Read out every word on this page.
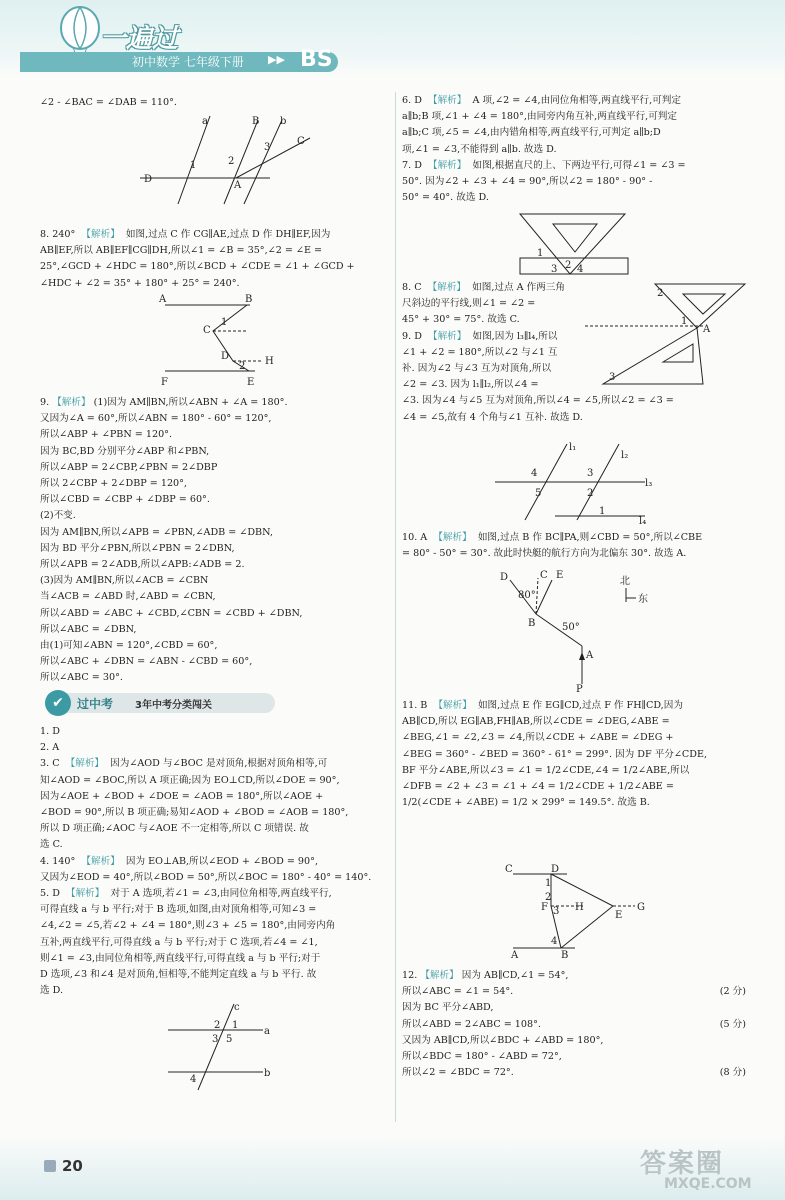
一遍过
初中数学 七年级下册 ▶▶ BS

∠2 - ∠BAC = ∠DAB = 110°.

8. 240°  【解析】  如图,过点 C 作 CG∥AE,过点 D 作 DH∥EF,因为

AB∥EF,所以 AB∥EF∥CG∥DH,所以∠1 = ∠B = 35°,∠2 = ∠E =

25°,∠GCD + ∠HDC = 180°,所以∠BCD + ∠CDE = ∠1 + ∠GCD +

∠HDC + ∠2 = 35° + 180° + 25° = 240°.

9. 【解析】 (1)因为 AM∥BN,所以∠ABN + ∠A = 180°.

又因为∠A = 60°,所以∠ABN = 180° - 60° = 120°,

所以∠ABP + ∠PBN = 120°.

因为 BC,BD 分别平分∠ABP 和∠PBN,

所以∠ABP = 2∠CBP,∠PBN = 2∠DBP

所以 2∠CBP + 2∠DBP = 120°,

所以∠CBD = ∠CBP + ∠DBP = 60°.

(2)不变.

因为 AM∥BN,所以∠APB = ∠PBN,∠ADB = ∠DBN,

因为 BD 平分∠PBN,所以∠PBN = 2∠DBN,

所以∠APB = 2∠ADB,所以∠APB:∠ADB = 2.

(3)因为 AM∥BN,所以∠ACB = ∠CBN

当∠ACB = ∠ABD 时,∠ABD = ∠CBN,

所以∠ABD = ∠ABC + ∠CBD,∠CBN = ∠CBD + ∠DBN,

所以∠ABC = ∠DBN,

由(1)可知∠ABN = 120°,∠CBD = 60°,

所以∠ABC + ∠DBN = ∠ABN - ∠CBD = 60°,

所以∠ABC = 30°.

1. D

2. A

3. C  【解析】  因为∠AOD 与∠BOC 是对顶角,根据对顶角相等,可

知∠AOD = ∠BOC,所以 A 项正确;因为 EO⊥CD,所以∠DOE = 90°,

因为∠AOE + ∠BOD + ∠DOE = ∠AOB = 180°,所以∠AOE +

∠BOD = 90°,所以 B 项正确;易知∠AOD + ∠BOD = ∠AOB = 180°,

所以 D 项正确;∠AOC 与∠AOE 不一定相等,所以 C 项错误. 故

选 C.

4. 140°  【解析】  因为 EO⊥AB,所以∠EOD + ∠BOD = 90°,

又因为∠EOD = 40°,所以∠BOD = 50°,所以∠BOC = 180° - 40° = 140°.

5. D  【解析】  对于 A 选项,若∠1 = ∠3,由同位角相等,两直线平行,

可得直线 a 与 b 平行;对于 B 选项,如图,由对顶角相等,可知∠3 =

∠4,∠2 = ∠5,若∠2 + ∠4 = 180°,则∠3 + ∠5 = 180°,由同旁内角

互补,两直线平行,可得直线 a 与 b 平行;对于 C 选项,若∠4 = ∠1,

则∠1 = ∠3,由同位角相等,两直线平行,可得直线 a 与 b 平行;对于

D 选项,∠3 和∠4 是对顶角,恒相等,不能判定直线 a 与 b 平行. 故

选 D.

6. D  【解析】  A 项,∠2 = ∠4,由同位角相等,两直线平行,可判定

a∥b;B 项,∠1 + ∠4 = 180°,由同旁内角互补,两直线平行,可判定

a∥b;C 项,∠5 = ∠4,由内错角相等,两直线平行,可判定 a∥b;D

项,∠1 = ∠3,不能得到 a∥b. 故选 D.

7. D  【解析】  如图,根据直尺的上、下两边平行,可得∠1 = ∠3 =

50°. 因为∠2 + ∠3 + ∠4 = 90°,所以∠2 = 180° - 90° -

50° = 40°. 故选 D.

8. C  【解析】  如图,过点 A 作两三角

尺斜边的平行线,则∠1 = ∠2 =

45° + 30° = 75°. 故选 C.

9. D  【解析】  如图,因为 l₃∥l₄,所以

∠1 + ∠2 = 180°,所以∠2 与∠1 互

补. 因为∠2 与∠3 互为对顶角,所以

∠2 = ∠3. 因为 l₁∥l₂,所以∠4 =

∠3. 因为∠4 与∠5 互为对顶角,所以∠4 = ∠5,所以∠2 = ∠3 =

∠4 = ∠5,故有 4 个角与∠1 互补. 故选 D.

10. A  【解析】  如图,过点 B 作 BC∥PA,则∠CBD = 50°,所以∠CBE

= 80° - 50° = 30°. 故此时快艇的航行方向为北偏东 30°. 故选 A.

11. B  【解析】  如图,过点 E 作 EG∥CD,过点 F 作 FH∥CD,因为

AB∥CD,所以 EG∥AB,FH∥AB,所以∠CDE = ∠DEG,∠ABE =

∠BEG,∠1 = ∠2,∠3 = ∠4,所以∠CDE + ∠ABE = ∠DEG +

∠BEG = 360° - ∠BED = 360° - 61° = 299°. 因为 DF 平分∠CDE,

BF 平分∠ABE,所以∠3 = ∠1 = 1/2∠CDE,∠4 = 1/2∠ABE,所以

∠DFB = ∠2 + ∠3 = ∠1 + ∠4 = 1/2∠CDE + 1/2∠ABE =

1/2(∠CDE + ∠ABE) = 1/2 × 299° = 149.5°. 故选 B.

12. 【解析】 因为 AB∥CD,∠1 = 54°,

所以∠ABC = ∠1 = 54°.	(2 分)

因为 BC 平分∠ABD,

所以∠ABD = 2∠ABC = 108°.	(5 分)

又因为 AB∥CD,所以∠BDC + ∠ABD = 180°,

所以∠BDC = 180° - ∠ABD = 72°,

所以∠2 = ∠BDC = 72°.	(8 分)

✔	过中考 3年中考分类闯关
a	B b
C
D
1	2
3
A
A	B
C
1
2
D	H
F	E
1
3 2 4
2
1
A
3
l₁
l₂
l₃
l₄
4	3
5	2
1
D	C E
80°
B	50°
A
P
北
东
C	D
1
2
3 H
F
E
G
A
4
B
c
2 1
3 5
a
4
b
20	答案圈
MXQE.COM
